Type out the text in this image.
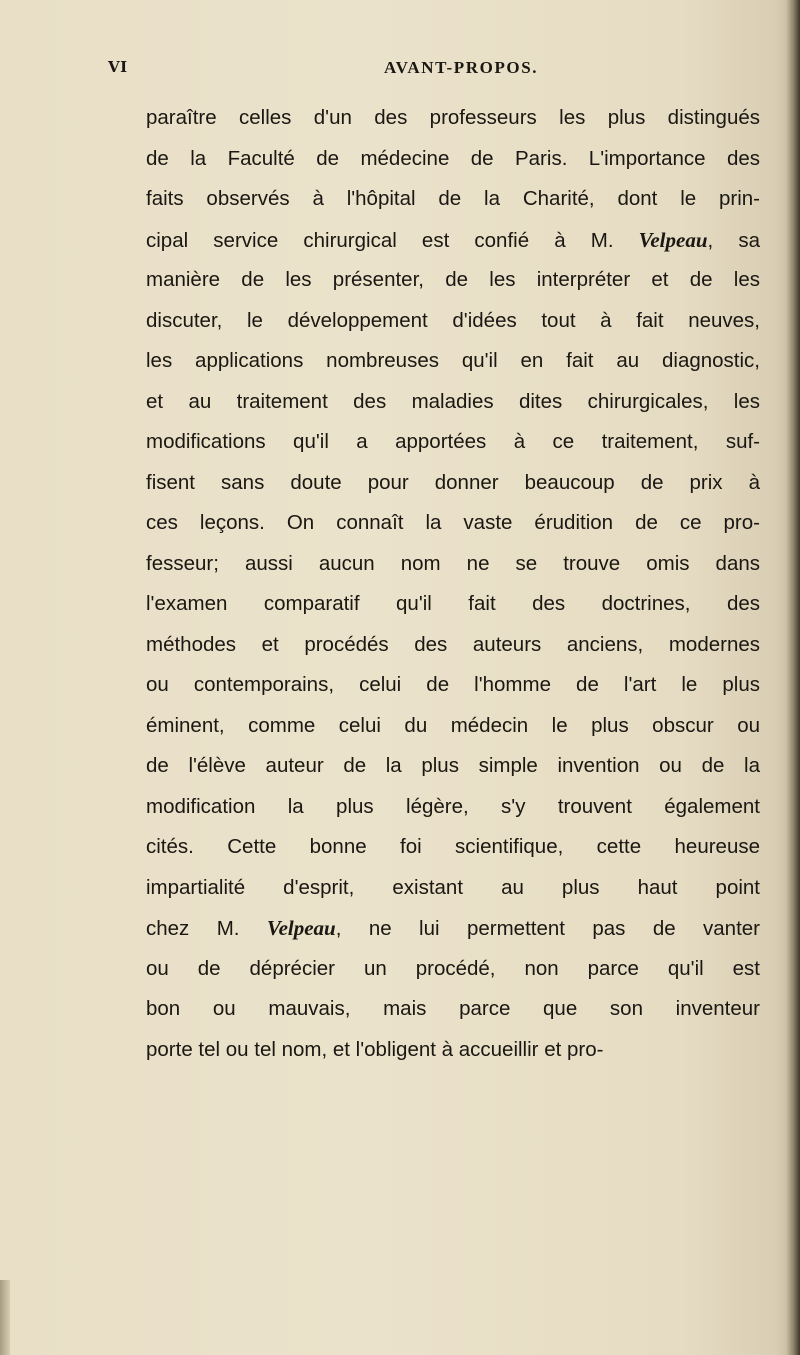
VI	AVANT-PROPOS.
paraître celles d'un des professeurs les plus distingués
de la Faculté de médecine de Paris. L'importance des
faits observés à l'hôpital de la Charité, dont le prin-
cipal service chirurgical est confié à M. Velpeau, sa
manière de les présenter, de les interpréter et de les
discuter, le développement d'idées tout à fait neuves,
les applications nombreuses qu'il en fait au diagnostic,
et au traitement des maladies dites chirurgicales, les
modifications qu'il a apportées à ce traitement, suf-
fisent sans doute pour donner beaucoup de prix à
ces leçons. On connaît la vaste érudition de ce pro-
fesseur; aussi aucun nom ne se trouve omis dans
l'examen comparatif qu'il fait des doctrines, des
méthodes et procédés des auteurs anciens, modernes
ou contemporains, celui de l'homme de l'art le plus
éminent, comme celui du médecin le plus obscur ou
de l'élève auteur de la plus simple invention ou de la
modification la plus légère, s'y trouvent également
cités. Cette bonne foi scientifique, cette heureuse
impartialité d'esprit, existant au plus haut point
chez M. Velpeau, ne lui permettent pas de vanter
ou de déprécier un procédé, non parce qu'il est
bon ou mauvais, mais parce que son inventeur
porte tel ou tel nom, et l'obligent à accueillir et pro-
